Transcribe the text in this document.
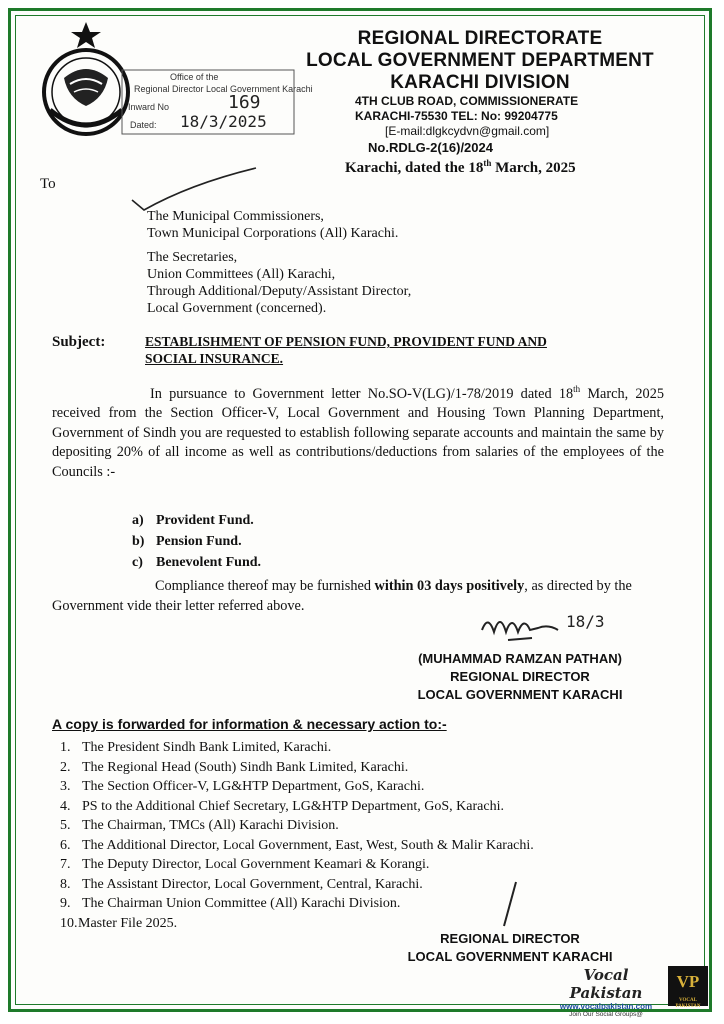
Office of the
Regional Director Local Government Karachi
Inward No	169
Dated: 18/3/2025
REGIONAL DIRECTORATE
LOCAL GOVERNMENT DEPARTMENT
KARACHI DIVISION
4TH CLUB ROAD, COMMISSIONERATE
KARACHI-75530 TEL: No: 99204775
[E-mail:dlgkcydvn@gmail.com]
No.RDLG-2(16)/2024
Karachi, dated the 18th March, 2025
To
The Municipal Commissioners,
Town Municipal Corporations (All) Karachi.
The Secretaries,
Union Committees (All) Karachi,
Through Additional/Deputy/Assistant Director,
Local Government (concerned).
Subject:	ESTABLISHMENT OF PENSION FUND, PROVIDENT FUND AND
SOCIAL INSURANCE.
In pursuance to Government letter No.SO-V(LG)/1-78/2019 dated 18th March, 2025 received from the Section Officer-V, Local Government and Housing Town Planning Department, Government of Sindh you are requested to establish following separate accounts and maintain the same by depositing 20% of all income as well as contributions/deductions from salaries of the employees of the Councils :-
a) Provident Fund.
b) Pension Fund.
c) Benevolent Fund.
Compliance thereof may be furnished within 03 days positively, as directed by the Government vide their letter referred above.
18/3
(MUHAMMAD RAMZAN PATHAN)
REGIONAL DIRECTOR
LOCAL GOVERNMENT KARACHI
A copy is forwarded for information & necessary action to:-
1. The President Sindh Bank Limited, Karachi.
2. The Regional Head (South) Sindh Bank Limited, Karachi.
3. The Section Officer-V, LG&HTP Department, GoS, Karachi.
4. PS to the Additional Chief Secretary, LG&HTP Department, GoS, Karachi.
5. The Chairman, TMCs (All) Karachi Division.
6. The Additional Director, Local Government, East, West, South & Malir Karachi.
7. The Deputy Director, Local Government Keamari & Korangi.
8. The Assistant Director, Local Government, Central, Karachi.
9. The Chairman Union Committee (All) Karachi Division.
10.Master File 2025.
REGIONAL DIRECTOR
LOCAL GOVERNMENT KARACHI
Vocal Pakistan
www.vocalpakistan.com
Join Our Social Groups@
VP
VOCAL PAKISTAN
